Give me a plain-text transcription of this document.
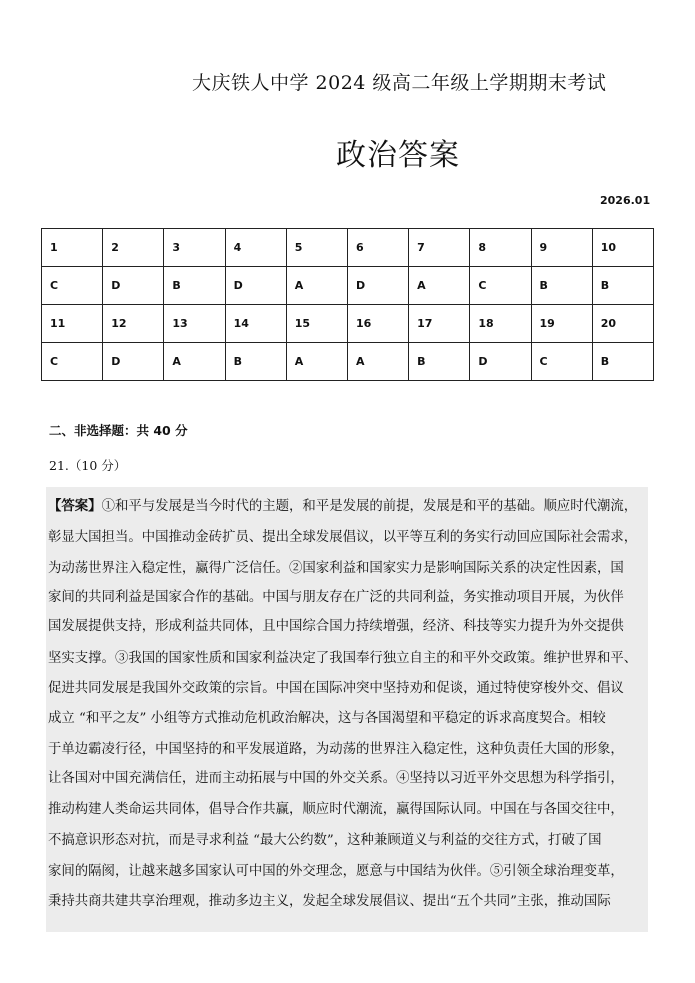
大庆铁人中学 2024 级高二年级上学期期末考试
政治答案
2026.01
1	2	3	4	5	6	7	8	9	10
C	D	B	D	A	D	A	C	B	B
11	12	13	14	15	16	17	18	19	20
C	D	A	B	A	A	B	D	C	B
二、非选择题：共 40 分
21.（10 分）
【答案】①和平与发展是当今时代的主题，和平是发展的前提，发展是和平的基础。顺应时代潮流，
彰显大国担当。中国推动金砖扩员、提出全球发展倡议，以平等互利的务实行动回应国际社会需求，
为动荡世界注入稳定性，赢得广泛信任。②国家利益和国家实力是影响国际关系的决定性因素，国
家间的共同利益是国家合作的基础。中国与朋友存在广泛的共同利益，务实推动项目开展，为伙伴
国发展提供支持，形成利益共同体，且中国综合国力持续增强，经济、科技等实力提升为外交提供
坚实支撑。③我国的国家性质和国家利益决定了我国奉行独立自主的和平外交政策。维护世界和平、
促进共同发展是我国外交政策的宗旨。中国在国际冲突中坚持劝和促谈，通过特使穿梭外交、倡议
成立 “和平之友” 小组等方式推动危机政治解决，这与各国渴望和平稳定的诉求高度契合。相较
于单边霸凌行径，中国坚持的和平发展道路，为动荡的世界注入稳定性，这种负责任大国的形象，
让各国对中国充满信任，进而主动拓展与中国的外交关系。④坚持以习近平外交思想为科学指引，
推动构建人类命运共同体，倡导合作共赢，顺应时代潮流，赢得国际认同。中国在与各国交往中，
不搞意识形态对抗，而是寻求利益 “最大公约数”，这种兼顾道义与利益的交往方式，打破了国
家间的隔阂，让越来越多国家认可中国的外交理念，愿意与中国结为伙伴。⑤引领全球治理变革，
秉持共商共建共享治理观，推动多边主义，发起全球发展倡议、提出“五个共同”主张，推动国际
